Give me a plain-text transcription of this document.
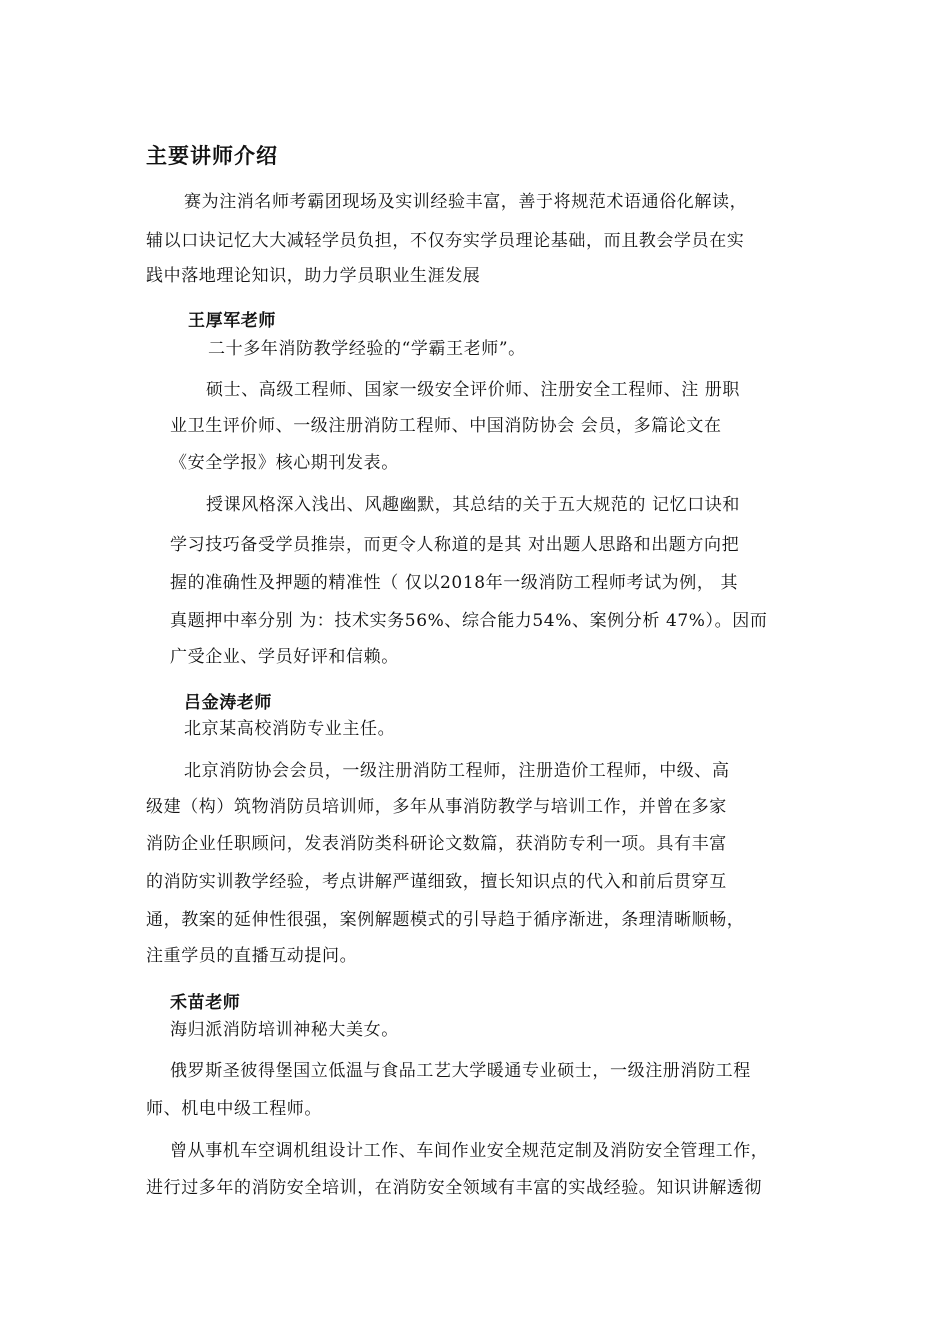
主要讲师介绍
赛为注消名师考霸团现场及实训经验丰富，善于将规范术语通俗化解读，
辅以口诀记忆大大减轻学员负担，不仅夯实学员理论基础，而且教会学员在实
践中落地理论知识，助力学员职业生涯发展
王厚军老师
二十多年消防教学经验的“学霸王老师”。
硕士、高级工程师、国家一级安全评价师、注册安全工程师、注 册职
业卫生评价师、一级注册消防工程师、中国消防协会 会员，多篇论文在
《安全学报》核心期刊发表。
授课风格深入浅出、风趣幽默，其总结的关于五大规范的 记忆口诀和
学习技巧备受学员推崇，而更令人称道的是其 对出题人思路和出题方向把
握的准确性及押题的精准性（ 仅以2018年一级消防工程师考试为例， 其
真题押中率分别 为：技术实务56%、综合能力54%、案例分析 47%）。因而
广受企业、学员好评和信赖。
吕金涛老师
北京某高校消防专业主任。
北京消防协会会员，一级注册消防工程师，注册造价工程师，中级、高
级建（构）筑物消防员培训师，多年从事消防教学与培训工作，并曾在多家
消防企业任职顾问，发表消防类科研论文数篇，获消防专利一项。具有丰富
的消防实训教学经验，考点讲解严谨细致，擅长知识点的代入和前后贯穿互
通，教案的延伸性很强，案例解题模式的引导趋于循序渐进，条理清晰顺畅，
注重学员的直播互动提问。
禾苗老师
海归派消防培训神秘大美女。
俄罗斯圣彼得堡国立低温与食品工艺大学暖通专业硕士，一级注册消防工程
师、机电中级工程师。
曾从事机车空调机组设计工作、车间作业安全规范定制及消防安全管理工作，
进行过多年的消防安全培训，在消防安全领域有丰富的实战经验。知识讲解透彻
